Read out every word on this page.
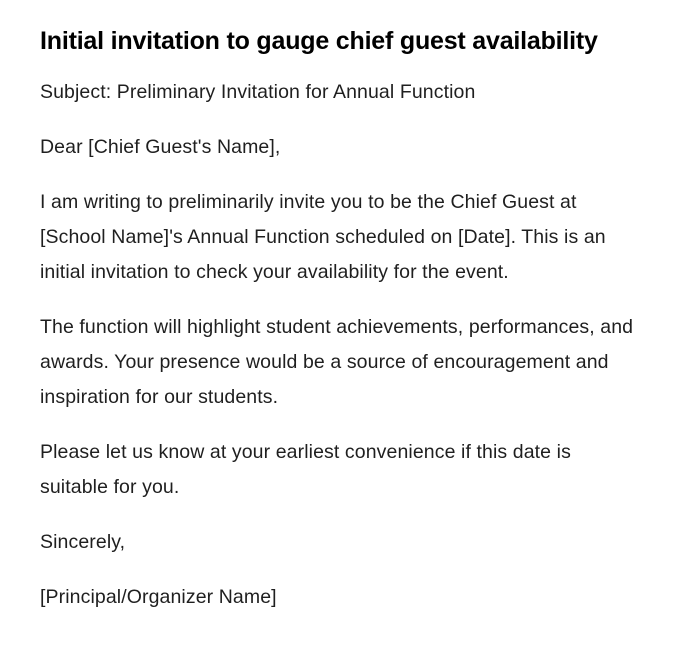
Initial invitation to gauge chief guest availability

Subject: Preliminary Invitation for Annual Function

Dear [Chief Guest's Name],

I am writing to preliminarily invite you to be the Chief Guest at [School Name]'s Annual Function scheduled on [Date]. This is an initial invitation to check your availability for the event.

The function will highlight student achievements, performances, and awards. Your presence would be a source of encouragement and inspiration for our students.

Please let us know at your earliest convenience if this date is suitable for you.

Sincerely,

[Principal/Organizer Name]
